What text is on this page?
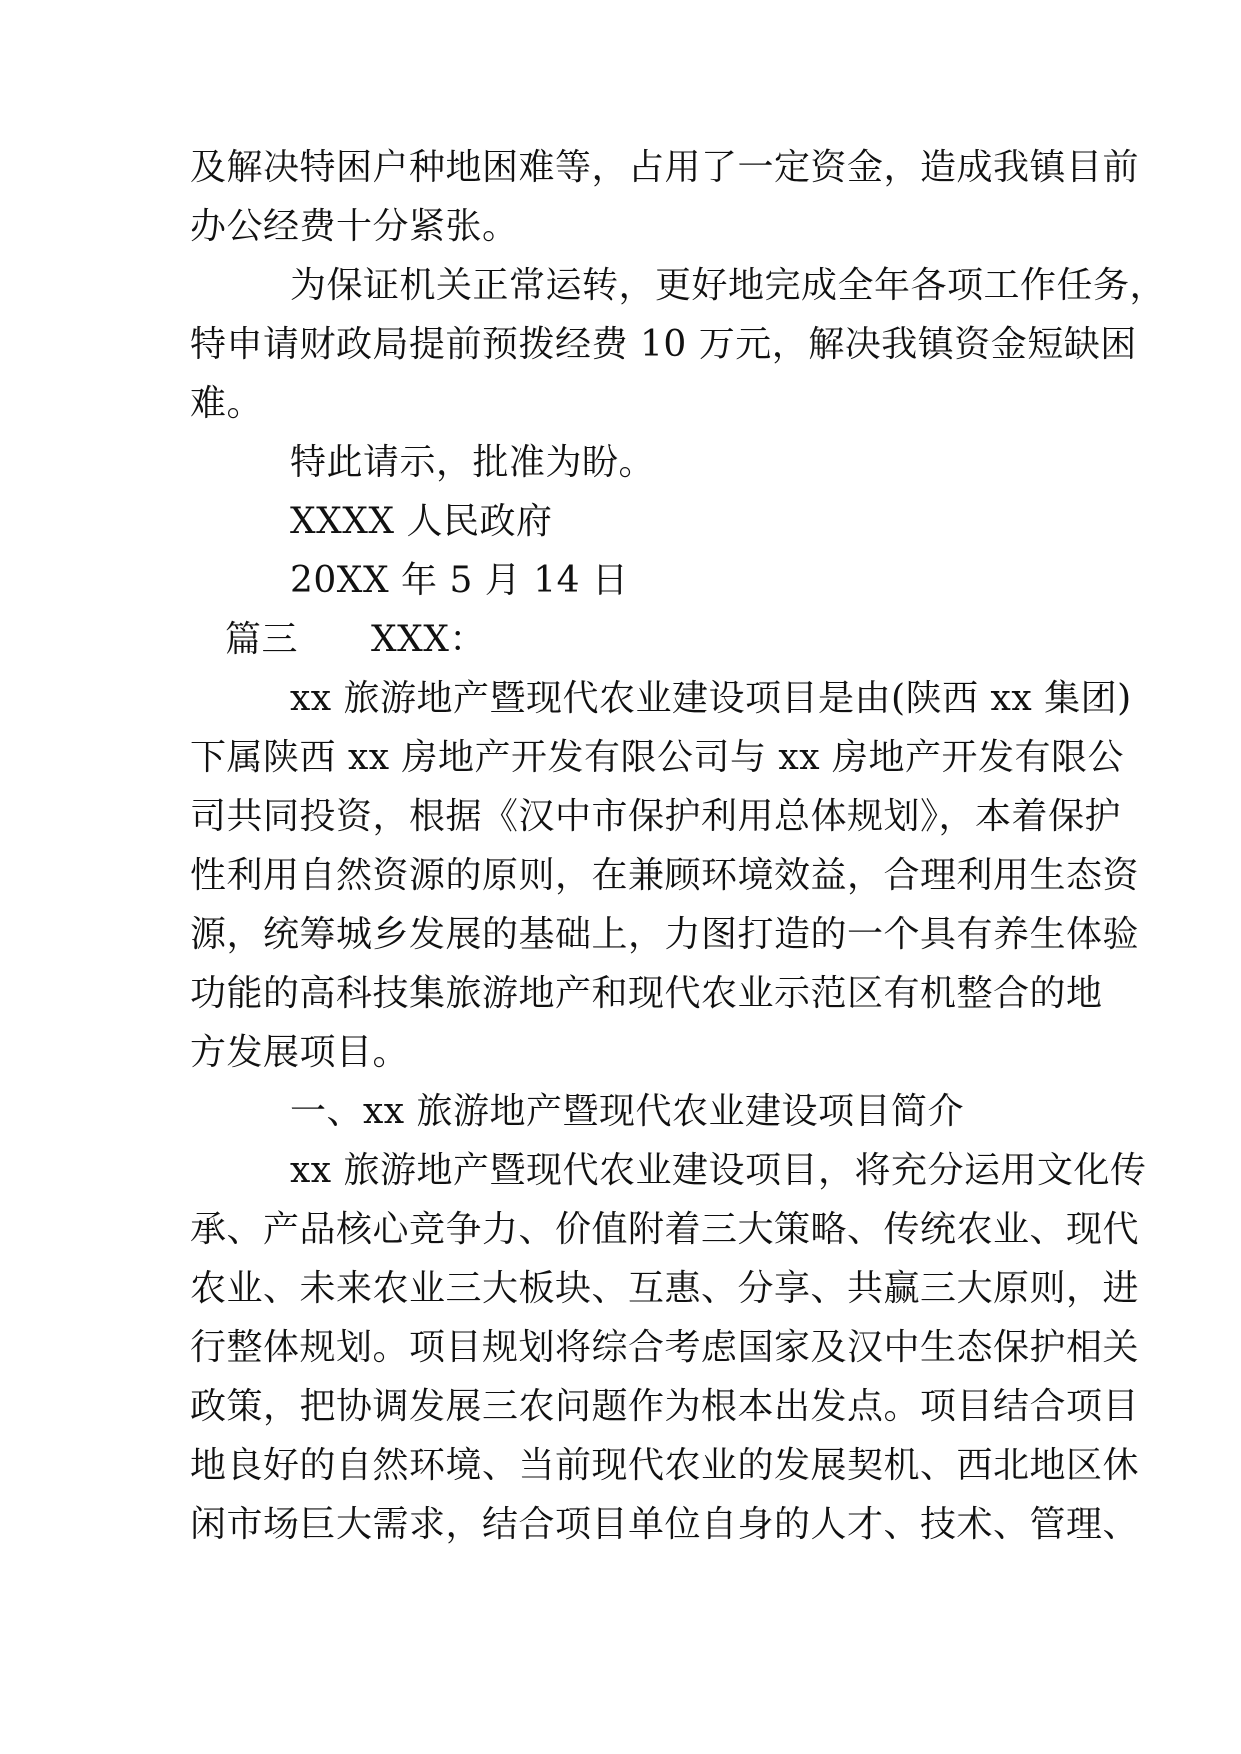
及解决特困户种地困难等，占用了一定资金，造成我镇目前
办公经费十分紧张。
为保证机关正常运转，更好地完成全年各项工作任务，
特申请财政局提前预拨经费 10 万元，解决我镇资金短缺困
难。
特此请示，批准为盼。
XXXX 人民政府
20XX 年 5 月 14 日
篇三　　XXX：
xx 旅游地产暨现代农业建设项目是由(陕西 xx 集团)
下属陕西 xx 房地产开发有限公司与 xx 房地产开发有限公
司共同投资，根据《汉中市保护利用总体规划》，本着保护
性利用自然资源的原则，在兼顾环境效益，合理利用生态资
源，统筹城乡发展的基础上，力图打造的一个具有养生体验
功能的高科技集旅游地产和现代农业示范区有机整合的地
方发展项目。
一、xx 旅游地产暨现代农业建设项目简介
xx 旅游地产暨现代农业建设项目，将充分运用文化传
承、产品核心竞争力、价值附着三大策略、传统农业、现代
农业、未来农业三大板块、互惠、分享、共赢三大原则，进
行整体规划。项目规划将综合考虑国家及汉中生态保护相关
政策，把协调发展三农问题作为根本出发点。项目结合项目
地良好的自然环境、当前现代农业的发展契机、西北地区休
闲市场巨大需求，结合项目单位自身的人才、技术、管理、
